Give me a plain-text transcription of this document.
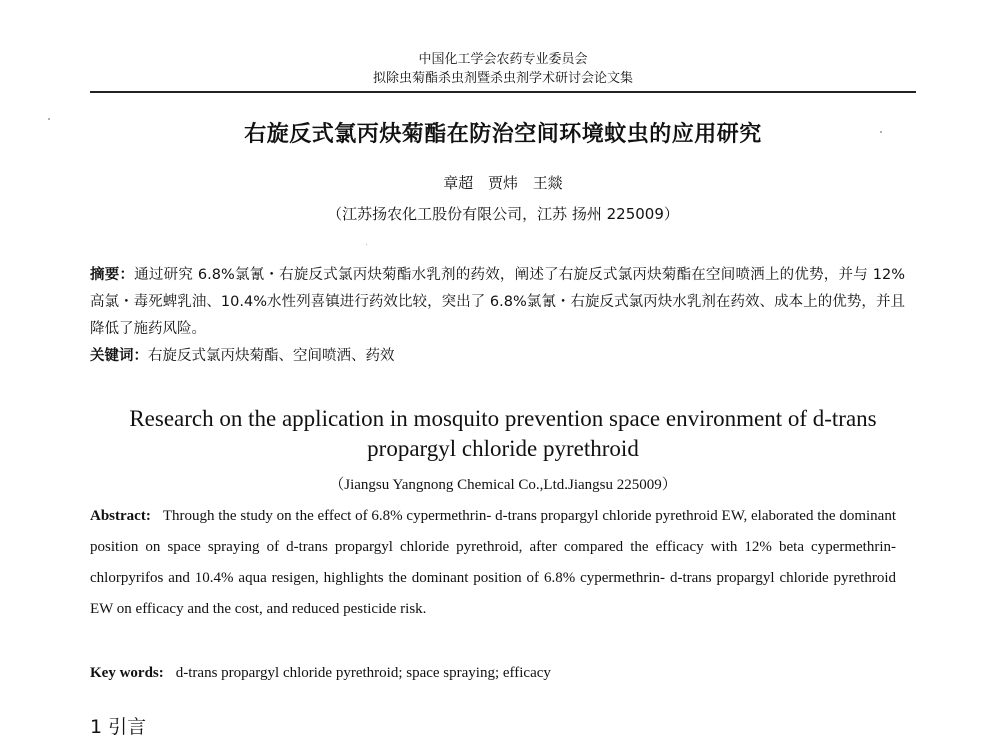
中国化工学会农药专业委员会
拟除虫菊酯杀虫剂暨杀虫剂学术研讨会论文集
右旋反式氯丙炔菊酯在防治空间环境蚊虫的应用研究
章超 贾炜 王燚
（江苏扬农化工股份有限公司，江苏 扬州 225009）
摘要：通过研究 6.8%氯氰・右旋反式氯丙炔菊酯水乳剂的药效，阐述了右旋反式氯丙炔菊酯在空间喷洒上的优势，并与 12%高氯・毒死蜱乳油、10.4%水性列喜镇进行药效比较，突出了 6.8%氯氰・右旋反式氯丙炔水乳剂在药效、成本上的优势，并且降低了施药风险。
关键词：右旋反式氯丙炔菊酯、空间喷洒、药效
Research on the application in mosquito prevention space environment of d-trans propargyl chloride pyrethroid
（Jiangsu Yangnong Chemical Co.,Ltd.Jiangsu 225009）
Abstract: Through the study on the effect of 6.8% cypermethrin- d-trans propargyl chloride pyrethroid EW, elaborated the dominant position on space spraying of d-trans propargyl chloride pyrethroid, after compared the efficacy with 12% beta cypermethrin-chlorpyrifos and 10.4% aqua resigen, highlights the dominant position of 6.8% cypermethrin- d-trans propargyl chloride pyrethroid EW on efficacy and the cost, and reduced pesticide risk.
Key words: d-trans propargyl chloride pyrethroid; space spraying; efficacy
1 引言
